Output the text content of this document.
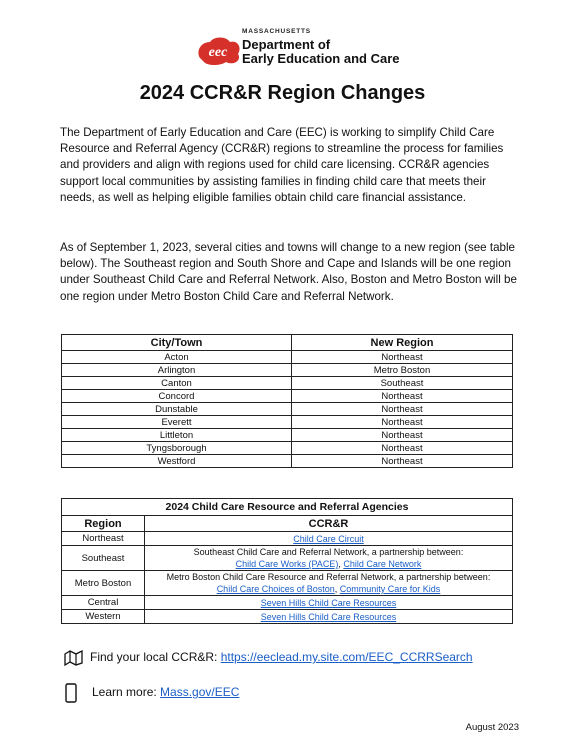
eec
MASSACHUSETTS
Department of
Early Education and Care
2024 CCR&R Region Changes

The Department of Early Education and Care (EEC) is working to simplify Child Care Resource and Referral Agency (CCR&R) regions to streamline the process for families and providers and align with regions used for child care licensing. CCR&R agencies support local communities by assisting families in finding child care that meets their needs, as well as helping eligible families obtain child care financial assistance.

As of September 1, 2023, several cities and towns will change to a new region (see table below). The Southeast region and South Shore and Cape and Islands will be one region under Southeast Child Care and Referral Network. Also, Boston and Metro Boston will be one region under Metro Boston Child Care and Referral Network.

City/Town	New Region
Acton	Northeast
Arlington	Metro Boston
Canton	Southeast
Concord	Northeast
Dunstable	Northeast
Everett	Northeast
Littleton	Northeast
Tyngsborough	Northeast
Westford	Northeast
2024 Child Care Resource and Referral Agencies	
Region	CCR&R
Northeast	Child Care Circuit

Southeast	Southeast Child Care and Referral Network, a partnership between:
Child Care Works (PACE), Child Care Network

Metro Boston	Metro Boston Child Care Resource and Referral Network, a partnership between:
Child Care Choices of Boston, Community Care for Kids

Central	Seven Hills Child Care Resources

Western	Seven Hills Child Care Resources
Find your local CCR&R: https://eeclead.my.site.com/EEC_CCRRSearch
Learn more: Mass.gov/EEC
August 2023
